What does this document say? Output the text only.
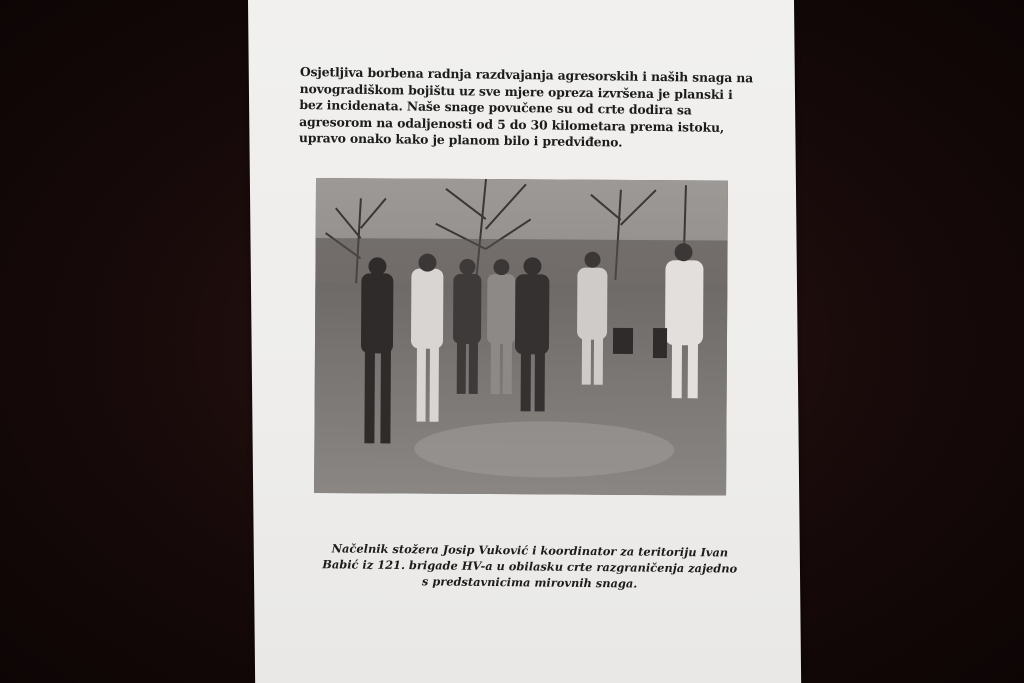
Osjetljiva borbena radnja razdvajanja agresorskih i naših snaga na
novogradiškom bojištu uz sve mjere opreza izvršena je planski i
bez incidenata. Naše snage povučene su od crte dodira sa
agresorom na odaljenosti od 5 do 30 kilometara prema istoku,
upravo onako kako je planom bilo i predviđeno.

Načelnik stožera Josip Vuković i koordinator za teritoriju Ivan
Babić iz 121. brigade HV-a u obilasku crte razgraničenja zajedno
s predstavnicima mirovnih snaga.
